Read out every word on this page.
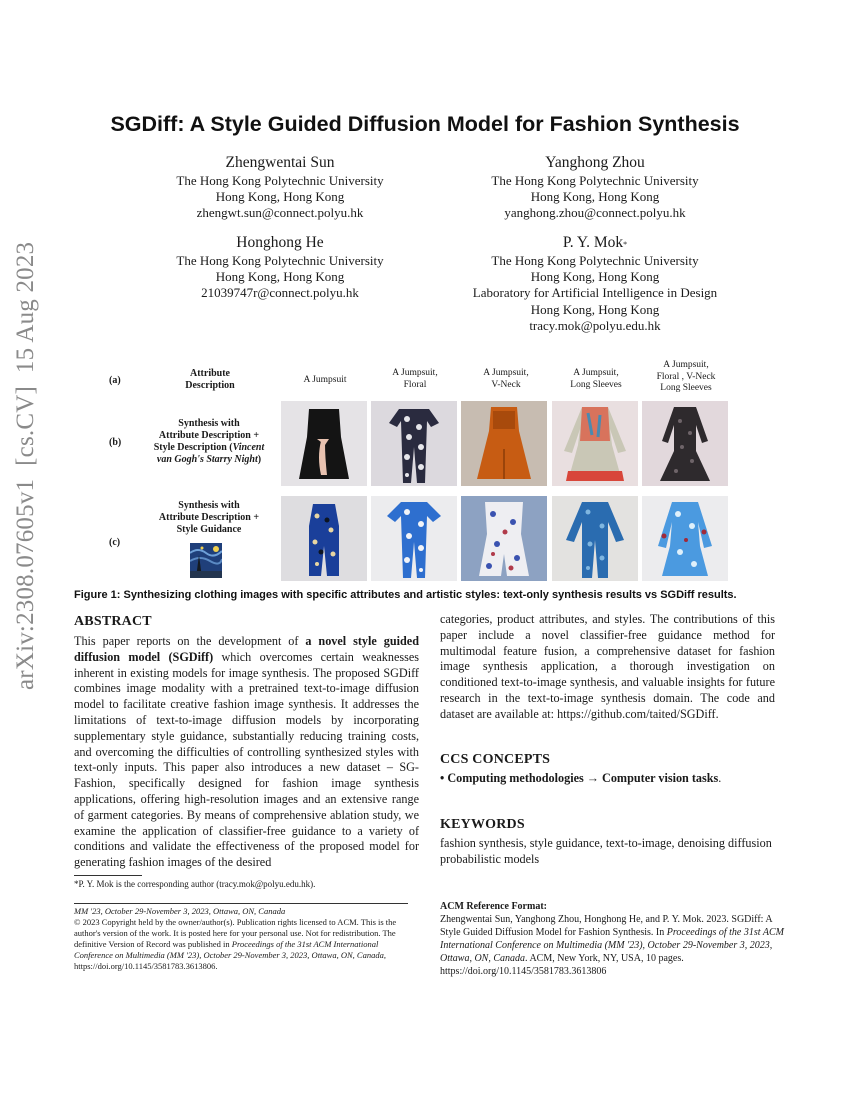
arXiv:2308.07605v1  [cs.CV]  15 Aug 2023
SGDiff: A Style Guided Diffusion Model for Fashion Synthesis
Zhengwentai Sun
The Hong Kong Polytechnic University
Hong Kong, Hong Kong
zhengwt.sun@connect.polyu.hk
Yanghong Zhou
The Hong Kong Polytechnic University
Hong Kong, Hong Kong
yanghong.zhou@connect.polyu.hk
Honghong He
The Hong Kong Polytechnic University
Hong Kong, Hong Kong
21039747r@connect.polyu.hk
P. Y. Mok*
The Hong Kong Polytechnic University
Hong Kong, Hong Kong
Laboratory for Artificial Intelligence in Design
Hong Kong, Hong Kong
tracy.mok@polyu.edu.hk
(a)
Attribute
Description	A Jumpsuit
A Jumpsuit,
Floral
A Jumpsuit,
V-Neck
A Jumpsuit,
Long Sleeves
A Jumpsuit,
Floral , V-Neck
Long Sleeves
(b)
Synthesis with
Attribute Description +
Style Description (Vincent
van Gogh's Starry Night)
(c)
Synthesis with
Attribute Description +
Style Guidance
Figure 1: Synthesizing clothing images with specific attributes and artistic styles: text-only synthesis results vs SGDiff results.
ABSTRACT
This paper reports on the development of a novel style guided diffusion model (SGDiff) which overcomes certain weaknesses inherent in existing models for image synthesis. The proposed SGDiff combines image modality with a pretrained text-to-image diffusion model to facilitate creative fashion image synthesis. It addresses the limitations of text-to-image diffusion models by incorporating supplementary style guidance, substantially reducing training costs, and overcoming the difficulties of controlling synthesized styles with text-only inputs. This paper also introduces a new dataset – SG-Fashion, specifically designed for fashion image synthesis applications, offering high-resolution images and an extensive range of garment categories. By means of comprehensive ablation study, we examine the application of classifier-free guidance to a variety of conditions and validate the effectiveness of the proposed model for generating fashion images of the desired
categories, product attributes, and styles. The contributions of this paper include a novel classifier-free guidance method for multimodal feature fusion, a comprehensive dataset for fashion image synthesis application, a thorough investigation on conditioned text-to-image synthesis, and valuable insights for future research in the text-to-image synthesis domain. The code and dataset are available at: https://github.com/taited/SGDiff.
CCS CONCEPTS
• Computing methodologies → Computer vision tasks.
KEYWORDS
fashion synthesis, style guidance, text-to-image, denoising diffusion probabilistic models
*P. Y. Mok is the corresponding author (tracy.mok@polyu.edu.hk).
MM '23, October 29-November 3, 2023, Ottawa, ON, Canada
© 2023 Copyright held by the owner/author(s). Publication rights licensed to ACM. This is the author's version of the work. It is posted here for your personal use. Not for redistribution. The definitive Version of Record was published in Proceedings of the 31st ACM International Conference on Multimedia (MM '23), October 29-November 3, 2023, Ottawa, ON, Canada, https://doi.org/10.1145/3581783.3613806.
ACM Reference Format:
Zhengwentai Sun, Yanghong Zhou, Honghong He, and P. Y. Mok. 2023. SGDiff: A Style Guided Diffusion Model for Fashion Synthesis. In Proceedings of the 31st ACM International Conference on Multimedia (MM '23), October 29-November 3, 2023, Ottawa, ON, Canada. ACM, New York, NY, USA, 10 pages. https://doi.org/10.1145/3581783.3613806
